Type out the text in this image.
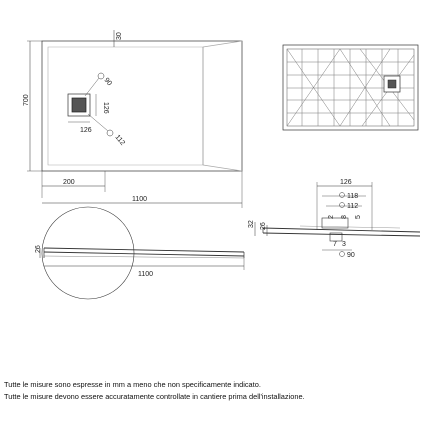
30
700
90
126
126
112
200
1100
26
1100
126
118
112
32 26
2 8 5
7 3
90
Tutte le misure sono espresse in mm a meno che non specificamente indicato.
Tutte le misure devono essere accuratamente controllate in cantiere prima dell'installazione.
